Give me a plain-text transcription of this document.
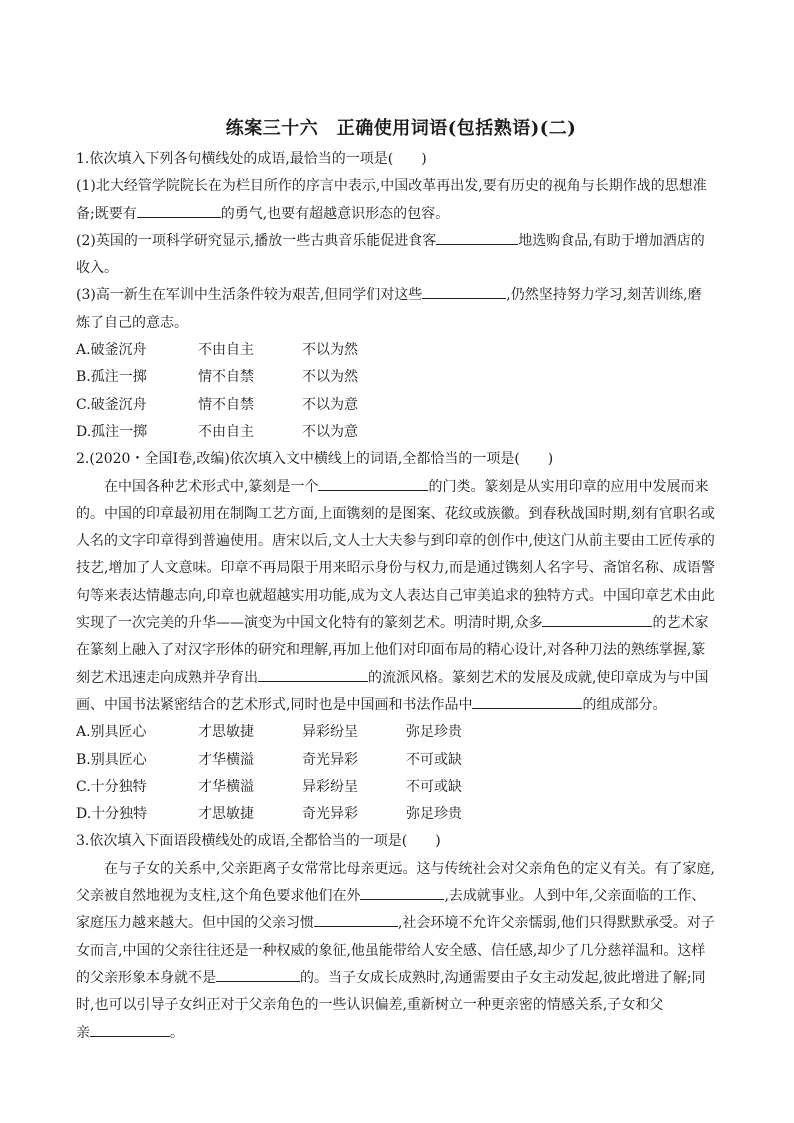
练案三十六　正确使用词语(包括熟语)(二)

1.依次填入下列各句横线处的成语,最恰当的一项是(　　)

(1)北大经管学院院长在为栏目所作的序言中表示,中国改革再出发,要有历史的视角与长期作战的思想准

备;既要有	的勇气,也要有超越意识形态的包容。

(2)英国的一项科学研究显示,播放一些古典音乐能促进食客	地选购食品,有助于增加酒店的

收入。

(3)高一新生在军训中生活条件较为艰苦,但同学们对这些	,仍然坚持努力学习,刻苦训练,磨

炼了自己的意志。

A.破釜沉舟	不由自主	不以为然
B.孤注一掷	情不自禁	不以为然
C.破釜沉舟	情不自禁	不以为意
D.孤注一掷	不由自主	不以为意

2.(2020・全国Ⅰ卷,改编)依次填入文中横线上的词语,全都恰当的一项是(　　)

在中国各种艺术形式中,篆刻是一个	的门类。篆刻是从实用印章的应用中发展而来

的。中国的印章最初用在制陶工艺方面,上面镌刻的是图案、花纹或族徽。到春秋战国时期,刻有官职名或

人名的文字印章得到普遍使用。唐宋以后,文人士大夫参与到印章的创作中,使这门从前主要由工匠传承的

技艺,增加了人文意味。印章不再局限于用来昭示身份与权力,而是通过镌刻人名字号、斋馆名称、成语警

句等来表达情趣志向,印章也就超越实用功能,成为文人表达自己审美追求的独特方式。中国印章艺术由此

实现了一次完美的升华——演变为中国文化特有的篆刻艺术。明清时期,众多	的艺术家

在篆刻上融入了对汉字形体的研究和理解,再加上他们对印面布局的精心设计,对各种刀法的熟练掌握,篆

刻艺术迅速走向成熟并孕育出	的流派风格。篆刻艺术的发展及成就,使印章成为与中国

画、中国书法紧密结合的艺术形式,同时也是中国画和书法作品中	的组成部分。

A.别具匠心	才思敏捷	异彩纷呈	弥足珍贵
B.别具匠心	才华横溢	奇光异彩	不可或缺
C.十分独特	才华横溢	异彩纷呈	不可或缺
D.十分独特	才思敏捷	奇光异彩	弥足珍贵

3.依次填入下面语段横线处的成语,全都恰当的一项是(　　)

在与子女的关系中,父亲距离子女常常比母亲更远。这与传统社会对父亲角色的定义有关。有了家庭,

父亲被自然地视为支柱,这个角色要求他们在外	,去成就事业。人到中年,父亲面临的工作、

家庭压力越来越大。但中国的父亲习惯	,社会环境不允许父亲懦弱,他们只得默默承受。对子

女而言,中国的父亲往往还是一种权威的象征,他虽能带给人安全感、信任感,却少了几分慈祥温和。这样

的父亲形象本身就不是	的。当子女成长成熟时,沟通需要由子女主动发起,彼此增进了解;同

时,也可以引导子女纠正对于父亲角色的一些认识偏差,重新树立一种更亲密的情感关系,子女和父

亲	。
